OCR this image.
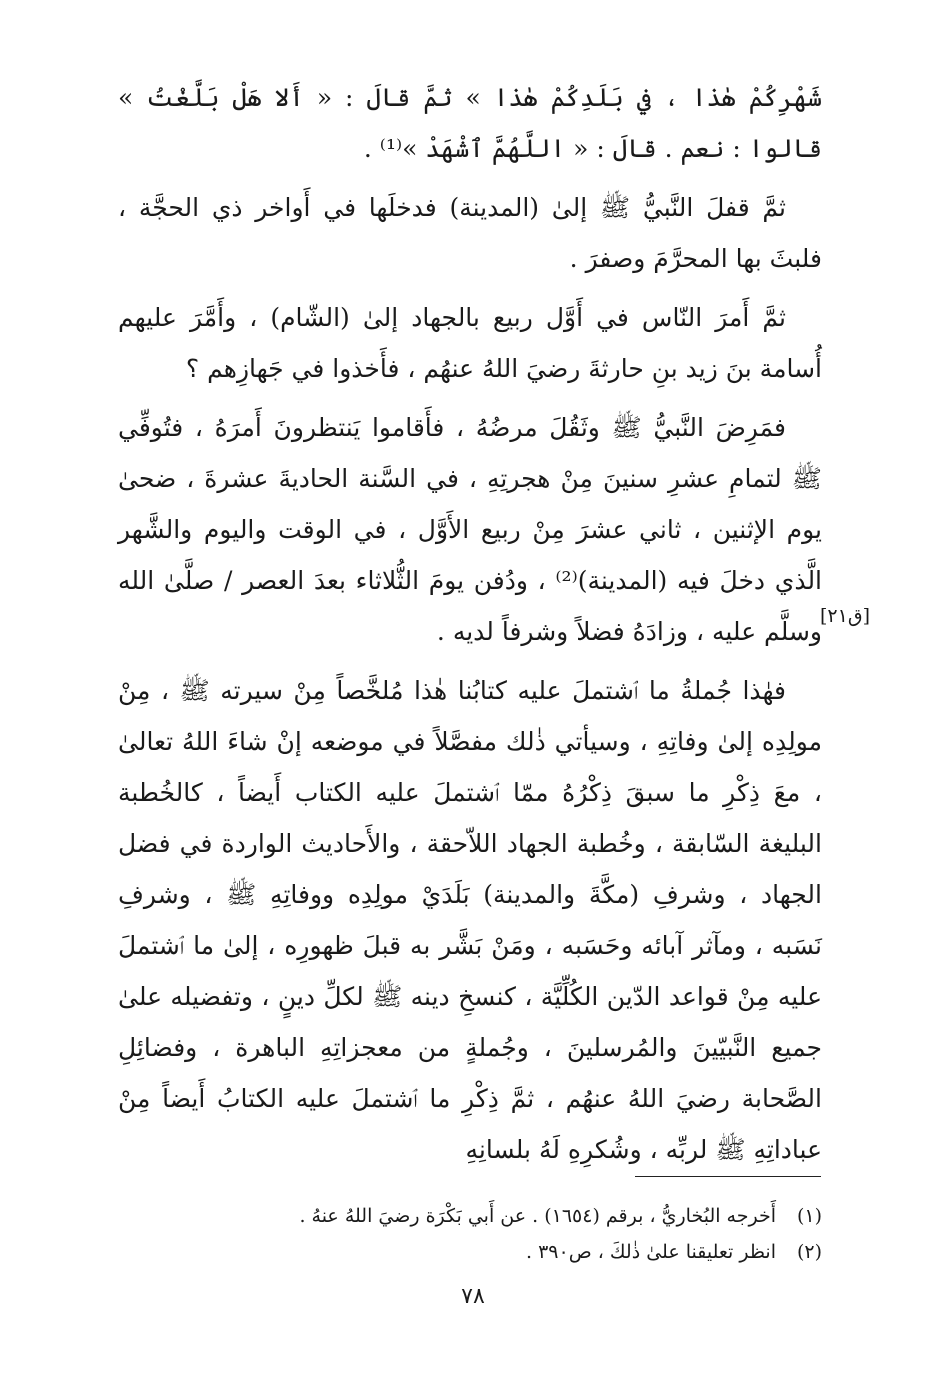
شَهْرِكُمْ هٰذا ، في بَلَدِكُمْ هٰذا » ثمَّ قالَ : « أَلا هَلْ بَلَّغْتُ » قالوا : نعم . قالَ : « اللَّهُمَّ ٱشْهَدْ »⁽¹⁾ .

ثمَّ قفلَ النَّبيُّ ﷺ إلىٰ (المدينة) فدخلَها في أَواخر ذي الحجَّة ، فلبثَ بها المحرَّمَ وصفرَ .

ثمَّ أَمرَ النّاس في أَوَّل ربيع بالجهاد إلىٰ (الشّام) ، وأَمَّرَ عليهم أُسامة بنَ زيد بنِ حارثةَ رضيَ اللهُ عنهُم ، فأَخذوا في جَهازِهم ؟

فمَرِضَ النَّبيُّ ﷺ وثَقُلَ مرضُهُ ، فأَقاموا يَنتظرونَ أَمرَهُ ، فتُوفِّي ﷺ لتمامِ عشرِ سنينَ مِنْ هجرتِهِ ، في السَّنة الحاديةَ عشرةَ ، ضحىٰ يوم الإثنين ، ثاني عشرَ مِنْ ربيع الأَوَّل ، في الوقت واليوم والشَّهر الَّذي دخلَ فيه (المدينة)⁽²⁾ ، ودُفن يومَ الثُّلاثاء بعدَ العصر / صلَّىٰ الله وسلَّم عليه ، وزادَهُ فضلاً وشرفاً لديه .

فهٰذا جُملةُ ما ٱشتملَ عليه كتابُنا هٰذا مُلخَّصاً مِنْ سيرته ﷺ ، مِنْ مولِدِه إلىٰ وفاتِهِ ، وسيأتي ذٰلك مفصَّلاً في موضعه إنْ شاءَ اللهُ تعالىٰ ، معَ ذِكْرِ ما سبقَ ذِكْرُهُ ممّا ٱشتملَ عليه الكتاب أَيضاً ، كالخُطبة البليغة السّابقة ، وخُطبة الجهاد اللاّحقة ، والأَحاديث الواردة في فضل الجهاد ، وشرفِ (مكَّةَ والمدينة) بَلَدَيْ مولِدِه ووفاتِهِ ﷺ ، وشرفِ نَسَبه ، ومآثر آبائه وحَسَبه ، ومَنْ بَشَّر به قبلَ ظهورِه ، إلىٰ ما ٱشتملَ عليه مِنْ قواعد الدّين الكُلِّيَّة ، كنسخِ دينه ﷺ لكلِّ دينٍ ، وتفضيله علىٰ جميع النَّبيّينَ والمُرسلينَ ، وجُملةٍ من معجزاتِهِ الباهرة ، وفضائِلِ الصَّحابة رضيَ اللهُ عنهُم ، ثمَّ ذِكْرِ ما ٱشتملَ عليه الكتابُ أَيضاً مِنْ عباداتِهِ ﷺ لربِّه ، وشُكرِهِ لَهُ بلسانِهِ

[ق٢١]

(١)أَخرجه البُخاريُّ ، برقم (١٦٥٤) . عن أَبي بَكْرَة رضيَ اللهُ عنهُ .

(٢)انظر تعليقنا علىٰ ذٰلكَ ، ص٣٩٠ .

٧٨
